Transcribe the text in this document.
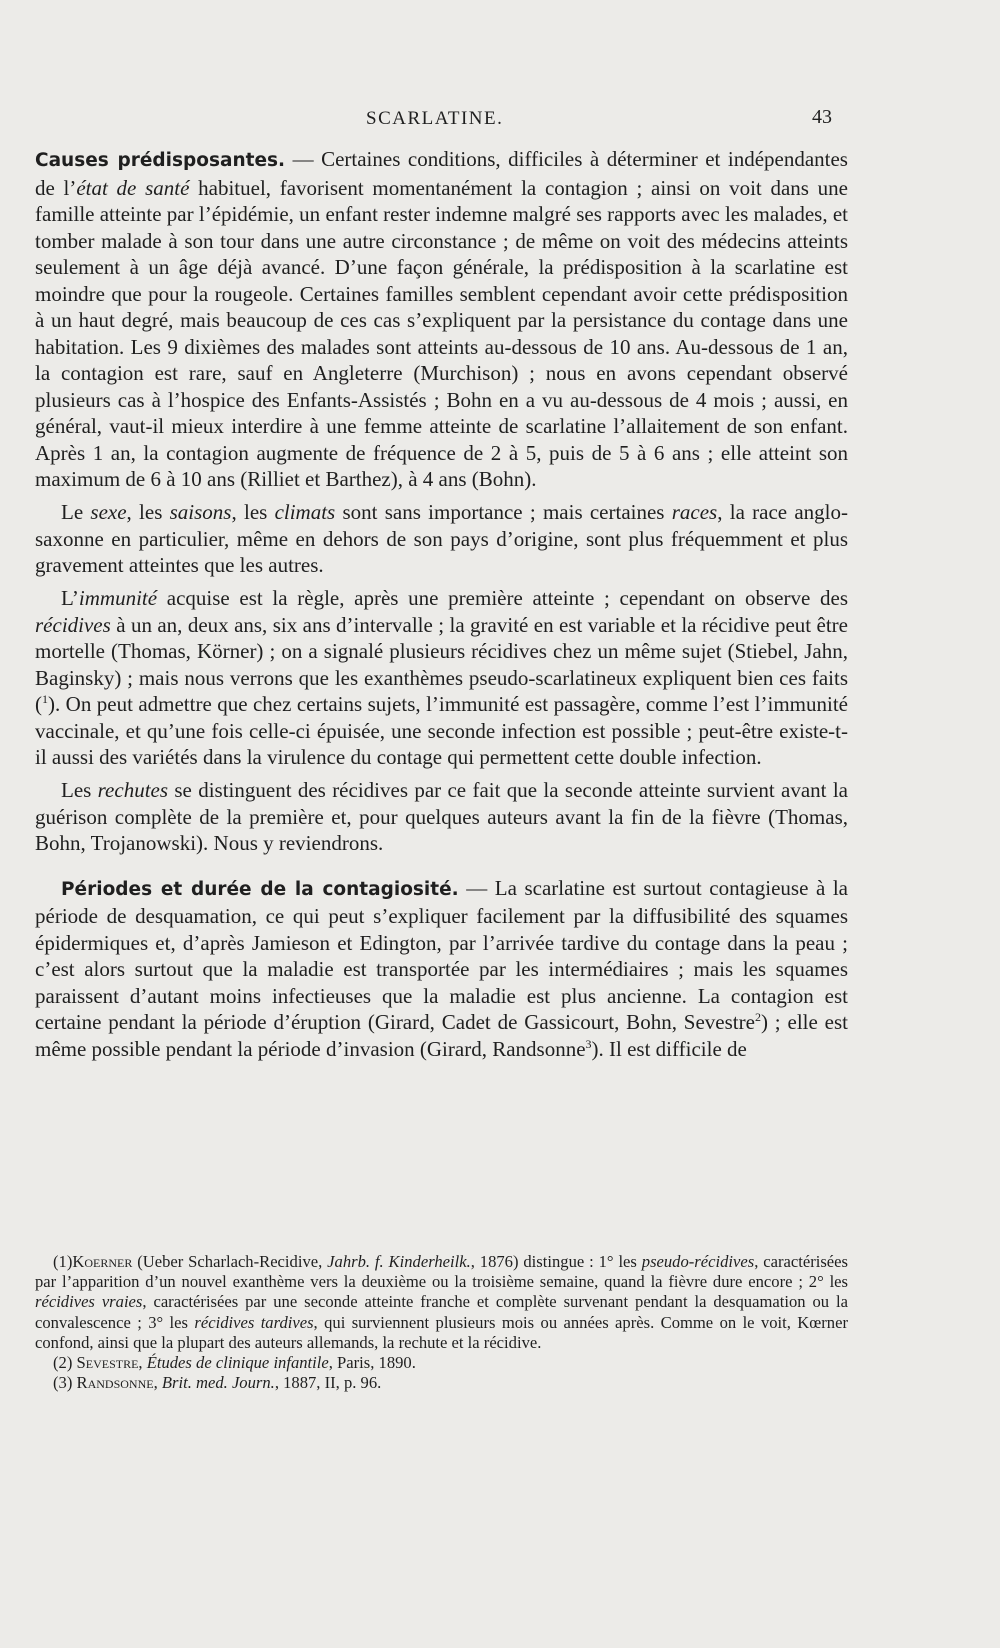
SCARLATINE.	43

Causes prédisposantes. — Certaines conditions, difficiles à déterminer et indépendantes de l’état de santé habituel, favorisent momentanément la contagion ; ainsi on voit dans une famille atteinte par l’épidémie, un enfant rester indemne malgré ses rapports avec les malades, et tomber malade à son tour dans une autre circonstance ; de même on voit des médecins atteints seulement à un âge déjà avancé. D’une façon générale, la prédisposition à la scarlatine est moindre que pour la rougeole. Certaines familles semblent cependant avoir cette prédisposition à un haut degré, mais beaucoup de ces cas s’expliquent par la persistance du contage dans une habitation. Les 9 dixièmes des malades sont atteints au-dessous de 10 ans. Au-dessous de 1 an, la contagion est rare, sauf en Angleterre (Murchison) ; nous en avons cependant observé plusieurs cas à l’hospice des Enfants-Assistés ; Bohn en a vu au-dessous de 4 mois ; aussi, en général, vaut-il mieux interdire à une femme atteinte de scarlatine l’allaitement de son enfant. Après 1 an, la contagion augmente de fréquence de 2 à 5, puis de 5 à 6 ans ; elle atteint son maximum de 6 à 10 ans (Rilliet et Barthez), à 4 ans (Bohn).

Le sexe, les saisons, les climats sont sans importance ; mais certaines races, la race anglo-saxonne en particulier, même en dehors de son pays d’origine, sont plus fréquemment et plus gravement atteintes que les autres.

L’immunité acquise est la règle, après une première atteinte ; cependant on observe des récidives à un an, deux ans, six ans d’intervalle ; la gravité en est variable et la récidive peut être mortelle (Thomas, Körner) ; on a signalé plusieurs récidives chez un même sujet (Stiebel, Jahn, Baginsky) ; mais nous verrons que les exanthèmes pseudo-scarlatineux expliquent bien ces faits ($^1$). On peut admettre que chez certains sujets, l’immunité est passagère, comme l’est l’immunité vaccinale, et qu’une fois celle-ci épuisée, une seconde infection est possible ; peut-être existe-t-il aussi des variétés dans la virulence du contage qui permettent cette double infection.

Les rechutes se distinguent des récidives par ce fait que la seconde atteinte survient avant la guérison complète de la première et, pour quelques auteurs avant la fin de la fièvre (Thomas, Bohn, Trojanowski). Nous y reviendrons.

Périodes et durée de la contagiosité. — La scarlatine est surtout contagieuse à la période de desquamation, ce qui peut s’expliquer facilement par la diffusibilité des squames épidermiques et, d’après Jamieson et Edington, par l’arrivée tardive du contage dans la peau ; c’est alors surtout que la maladie est transportée par les intermédiaires ; mais les squames paraissent d’autant moins infectieuses que la maladie est plus ancienne. La contagion est certaine pendant la période d’éruption (Girard, Cadet de Gassicourt, Bohn, Sevestre$^2$) ; elle est même possible pendant la période d’invasion (Girard, Randsonne$^3$). Il est difficile de

(1)Koerner (Ueber Scharlach-Recidive, Jahrb. f. Kinderheilk., 1876) distingue : 1° les pseudo-récidives, caractérisées par l’apparition d’un nouvel exanthème vers la deuxième ou la troisième semaine, quand la fièvre dure encore ; 2° les récidives vraies, caractérisées par une seconde atteinte franche et complète survenant pendant la desquamation ou la convalescence ; 3° les récidives tardives, qui surviennent plusieurs mois ou années après. Comme on le voit, Kœrner confond, ainsi que la plupart des auteurs allemands, la rechute et la récidive.

(2) Sevestre, Études de clinique infantile, Paris, 1890.

(3) Randsonne, Brit. med. Journ., 1887, II, p. 96.
